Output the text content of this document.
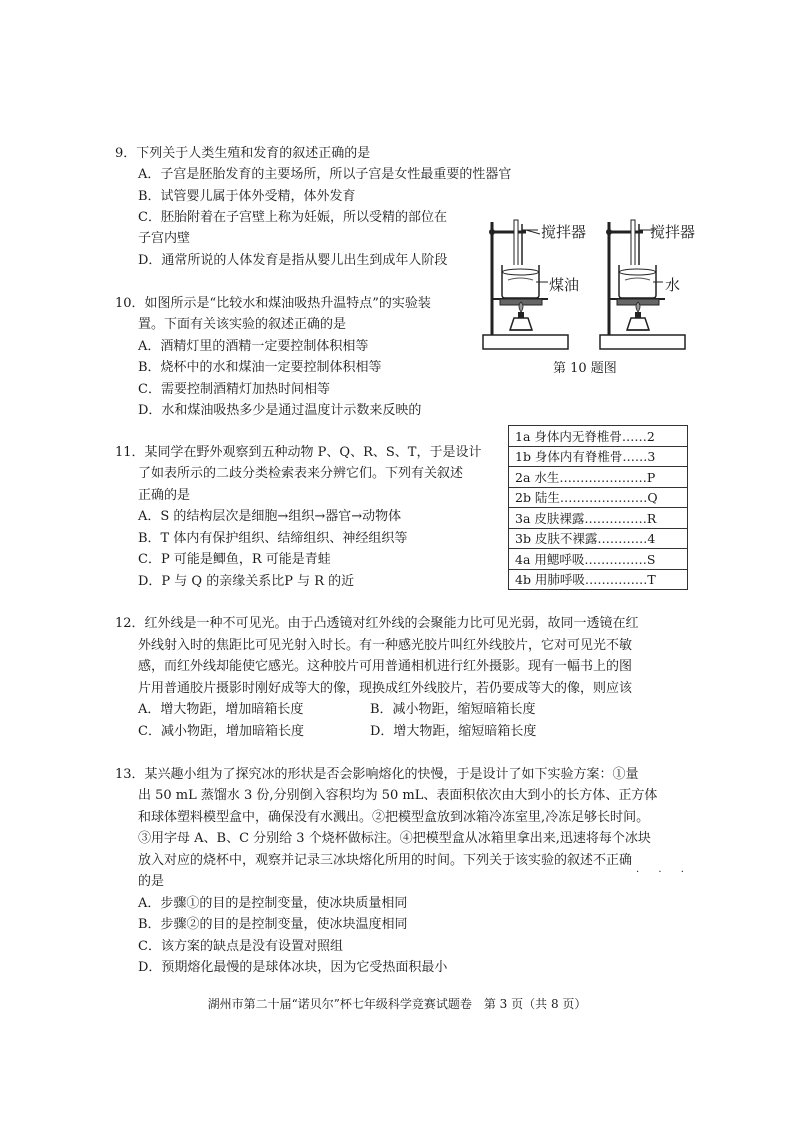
9．下列关于人类生殖和发育的叙述正确的是
A．子宫是胚胎发育的主要场所，所以子宫是女性最重要的性器官
B．试管婴儿属于体外受精，体外发育
C．胚胎附着在子宫壁上称为妊娠，所以受精的部位在
子宫内壁
D．通常所说的人体发育是指从婴儿出生到成年人阶段
10．如图所示是“比较水和煤油吸热升温特点”的实验装
置。下面有关该实验的叙述正确的是
A．酒精灯里的酒精一定要控制体积相等
B．烧杯中的水和煤油一定要控制体积相等
C．需要控制酒精灯加热时间相等
D．水和煤油吸热多少是通过温度计示数来反映的
搅拌器	搅拌器
煤油	水
第 10 题图
11．某同学在野外观察到五种动物 P、Q、R、S、T，于是设计
了如表所示的二歧分类检索表来分辨它们。下列有关叙述
正确的是
A．S 的结构层次是细胞→组织→器官→动物体
B．T 体内有保护组织、结缔组织、神经组织等
C．P 可能是鲫鱼，R 可能是青蛙
D．P 与 Q 的亲缘关系比P 与 R 的近
1a 身体内无脊椎骨……2
1b 身体内有脊椎骨……3
2a 水生…………………P
2b 陆生…………………Q
3a 皮肤裸露……………R
3b 皮肤不裸露…………4
4a 用鳃呼吸……………S
4b 用肺呼吸……………T
12．红外线是一种不可见光。由于凸透镜对红外线的会聚能力比可见光弱，故同一透镜在红
外线射入时的焦距比可见光射入时长。有一种感光胶片叫红外线胶片，它对可见光不敏
感，而红外线却能使它感光。这种胶片可用普通相机进行红外摄影。现有一幅书上的图
片用普通胶片摄影时刚好成等大的像，现换成红外线胶片，若仍要成等大的像，则应该
A．增大物距，增加暗箱长度	B．减小物距，缩短暗箱长度
C．减小物距，增加暗箱长度	D．增大物距，缩短暗箱长度
13．某兴趣小组为了探究冰的形状是否会影响熔化的快慢，于是设计了如下实验方案：①量
出 50 mL 蒸馏水 3 份,分别倒入容积均为 50 mL、表面积依次由大到小的长方体、正方体
和球体塑料模型盒中，确保没有水溅出。②把模型盒放到冰箱冷冻室里,冷冻足够长时间。
③用字母 A、B、C 分别给 3 个烧杯做标注。④把模型盒从冰箱里拿出来,迅速将每个冰块
放入对应的烧杯中，观察并记录三冰块熔化所用的时间。下列关于该实验的叙述不正确
的是
A．步骤①的目的是控制变量，使冰块质量相同
B．步骤②的目的是控制变量，使冰块温度相同
C．该方案的缺点是没有设置对照组
D．预期熔化最慢的是球体冰块，因为它受热面积最小
· · ·
湖州市第二十届“诺贝尔”杯七年级科学竞赛试题卷　第 3 页（共 8 页）
